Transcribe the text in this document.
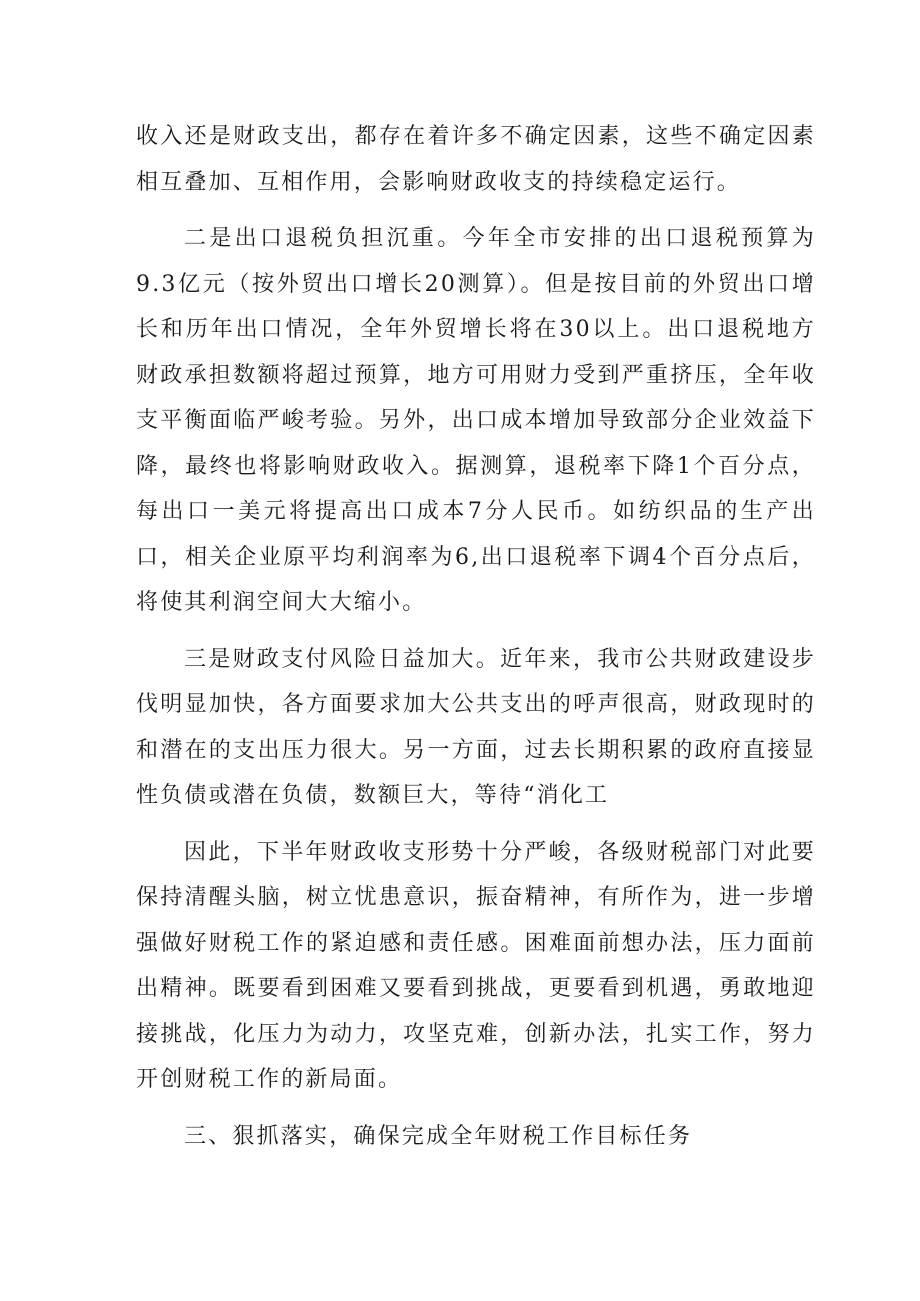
收入还是财政支出，都存在着许多不确定因素，这些不确定因素相互叠加、互相作用，会影响财政收支的持续稳定运行。

二是出口退税负担沉重。今年全市安排的出口退税预算为9.3亿元（按外贸出口增长20测算）。但是按目前的外贸出口增长和历年出口情况，全年外贸增长将在30以上。出口退税地方财政承担数额将超过预算，地方可用财力受到严重挤压，全年收支平衡面临严峻考验。另外，出口成本增加导致部分企业效益下降，最终也将影响财政收入。据测算，退税率下降1个百分点，每出口一美元将提高出口成本7分人民币。如纺织品的生产出口，相关企业原平均利润率为6,出口退税率下调4个百分点后，将使其利润空间大大缩小。

三是财政支付风险日益加大。近年来，我市公共财政建设步伐明显加快，各方面要求加大公共支出的呼声很高，财政现时的和潜在的支出压力很大。另一方面，过去长期积累的政府直接显性负债或潜在负债，数额巨大，等待“消化工

因此，下半年财政收支形势十分严峻，各级财税部门对此要保持清醒头脑，树立忧患意识，振奋精神，有所作为，进一步增强做好财税工作的紧迫感和责任感。困难面前想办法，压力面前出精神。既要看到困难又要看到挑战，更要看到机遇，勇敢地迎接挑战，化压力为动力，攻坚克难，创新办法，扎实工作，努力开创财税工作的新局面。

三、狠抓落实，确保完成全年财税工作目标任务
